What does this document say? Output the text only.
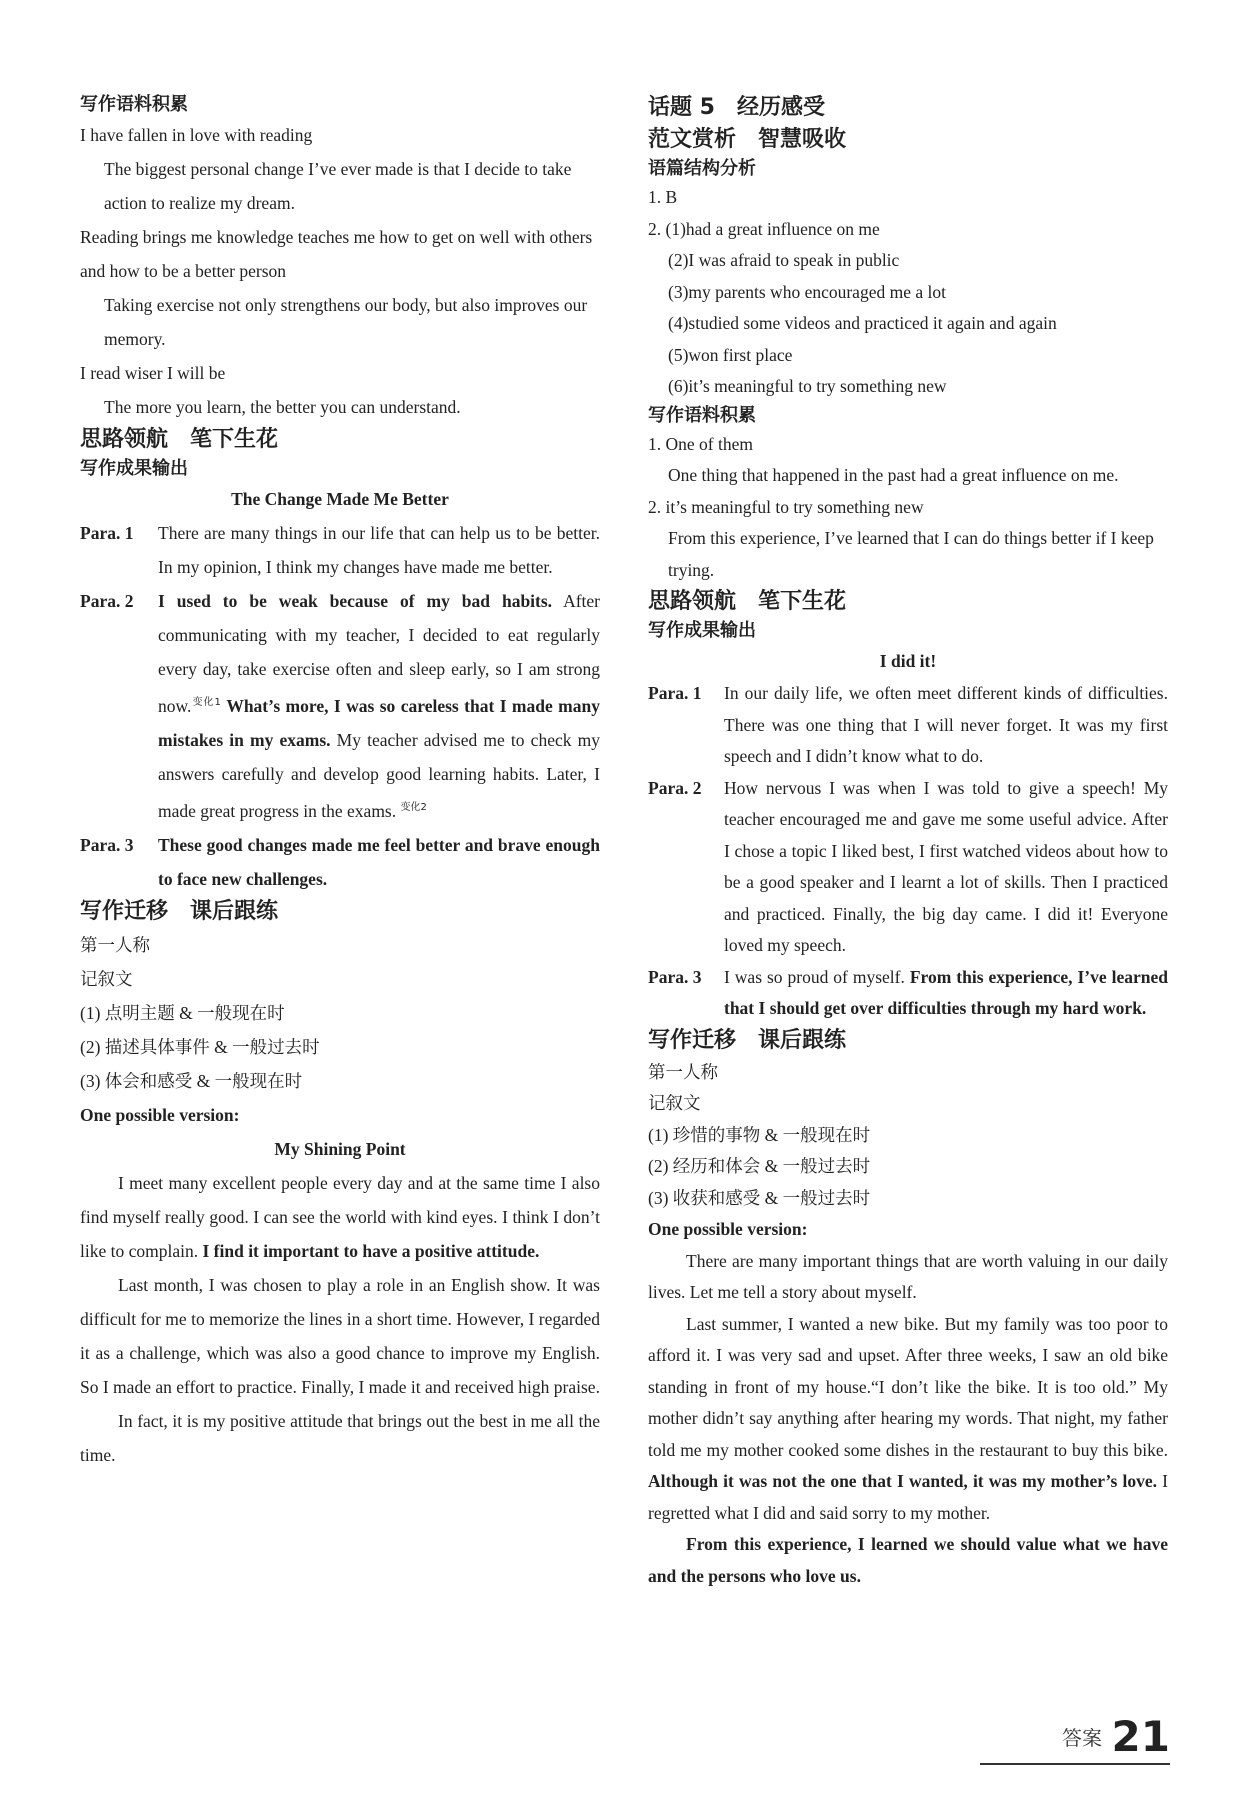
写作语料积累

I have fallen in love with reading

The biggest personal change I’ve ever made is that I decide to take action to realize my dream.

Reading brings me knowledge teaches me how to get on well with others and how to be a better person

Taking exercise not only strengthens our body, but also improves our memory.

I read wiser I will be

The more you learn, the better you can understand.

思路领航　笔下生花

写作成果输出

The Change Made Me Better

Para. 1	There are many things in our life that can help us to be better. In my opinion, I think my changes have made me better.
Para. 2	I used to be weak because of my bad habits. After communicating with my teacher, I decided to eat regularly every day, take exercise often and sleep early, so I am strong now.$^{变化1}$ What’s more, I was so careless that I made many mistakes in my exams. My teacher advised me to check my answers carefully and develop good learning habits. Later, I made great progress in the exams. $^{变化2}$
Para. 3	These good changes made me feel better and brave enough to face new challenges.

写作迁移　课后跟练

第一人称

记叙文

(1) 点明主题 & 一般现在时

(2) 描述具体事件 & 一般过去时

(3) 体会和感受 & 一般现在时

One possible version:

My Shining Point

I meet many excellent people every day and at the same time I also find myself really good. I can see the world with kind eyes. I think I don’t like to complain. I find it important to have a positive attitude.

Last month, I was chosen to play a role in an English show. It was difficult for me to memorize the lines in a short time. However, I regarded it as a challenge, which was also a good chance to improve my English. So I made an effort to practice. Finally, I made it and received high praise.

In fact, it is my positive attitude that brings out the best in me all the time.

话题 5　经历感受

范文赏析　智慧吸收

语篇结构分析

1. B

2. (1)had a great influence on me

(2)I was afraid to speak in public

(3)my parents who encouraged me a lot

(4)studied some videos and practiced it again and again

(5)won first place

(6)it’s meaningful to try something new

写作语料积累

1. One of them

One thing that happened in the past had a great influence on me.

2. it’s meaningful to try something new

From this experience, I’ve learned that I can do things better if I keep trying.

思路领航　笔下生花

写作成果输出

I did it!

Para. 1	In our daily life, we often meet different kinds of difficulties. There was one thing that I will never forget. It was my first speech and I didn’t know what to do.
Para. 2	How nervous I was when I was told to give a speech! My teacher encouraged me and gave me some useful advice. After I chose a topic I liked best, I first watched videos about how to be a good speaker and I learnt a lot of skills. Then I practiced and practiced. Finally, the big day came. I did it! Everyone loved my speech.
Para. 3	I was so proud of myself. From this experience, I’ve learned that I should get over difficulties through my hard work.

写作迁移　课后跟练

第一人称

记叙文

(1) 珍惜的事物 & 一般现在时

(2) 经历和体会 & 一般过去时

(3) 收获和感受 & 一般过去时

One possible version:

There are many important things that are worth valuing in our daily lives. Let me tell a story about myself.

Last summer, I wanted a new bike. But my family was too poor to afford it. I was very sad and upset. After three weeks, I saw an old bike standing in front of my house.“I don’t like the bike. It is too old.” My mother didn’t say anything after hearing my words. That night, my father told me my mother cooked some dishes in the restaurant to buy this bike. Although it was not the one that I wanted, it was my mother’s love. I regretted what I did and said sorry to my mother.

From this experience, I learned we should value what we have and the persons who love us.

答案 21
